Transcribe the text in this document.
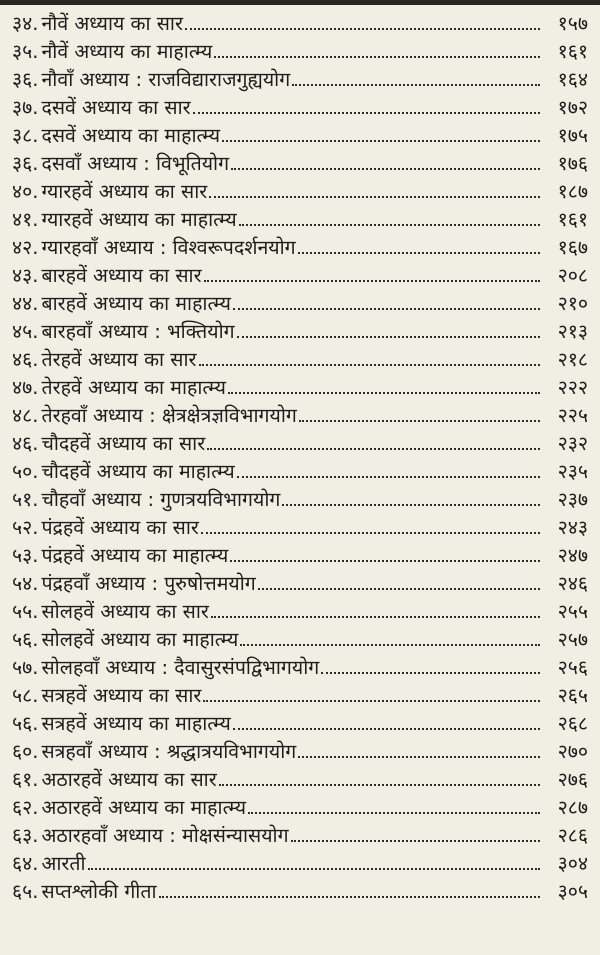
३४. नौवें अध्याय का सार	१५७
३५. नौवें अध्याय का माहात्म्य	१६१
३६. नौवाँ अध्याय : राजविद्याराजगुह्ययोग	१६४
३७. दसवें अध्याय का सार	१७२
३८. दसवें अध्याय का माहात्म्य	१७५
३६. दसवाँ अध्याय : विभूतियोग	१७६
४०. ग्यारहवें अध्याय का सार	१८७
४१. ग्यारहवें अध्याय का माहात्म्य	१६१
४२. ग्यारहवाँ अध्याय : विश्वरूपदर्शनयोग	१६७
४३. बारहवें अध्याय का सार	२०८
४४. बारहवें अध्याय का माहात्म्य	२१०
४५. बारहवाँ अध्याय : भक्तियोग	२१३
४६. तेरहवें अध्याय का सार	२१८
४७. तेरहवें अध्याय का माहात्म्य	२२२
४८. तेरहवाँ अध्याय : क्षेत्रक्षेत्रज्ञविभागयोग	२२५
४६. चौदहवें अध्याय का सार	२३२
५०. चौदहवें अध्याय का माहात्म्य	२३५
५१. चौहवाँ अध्याय : गुणत्रयविभागयोग	२३७
५२. पंद्रहवें अध्याय का सार	२४३
५३. पंद्रहवें अध्याय का माहात्म्य	२४७
५४. पंद्रहवाँ अध्याय : पुरुषोत्तमयोग	२४६
५५. सोलहवें अध्याय का सार	२५५
५६. सोलहवें अध्याय का माहात्म्य	२५७
५७. सोलहवाँ अध्याय : दैवासुरसंपद्विभागयोग	२५६
५८. सत्रहवें अध्याय का सार	२६५
५६. सत्रहवें अध्याय का माहात्म्य	२६८
६०. सत्रहवाँ अध्याय : श्रद्धात्रयविभागयोग	२७०
६१. अठारहवें अध्याय का सार	२७६
६२. अठारहवें अध्याय का माहात्म्य	२८७
६३. अठारहवाँ अध्याय : मोक्षसंन्यासयोग	२८६
६४. आरती	३०४
६५. सप्तश्लोकी गीता	३०५
